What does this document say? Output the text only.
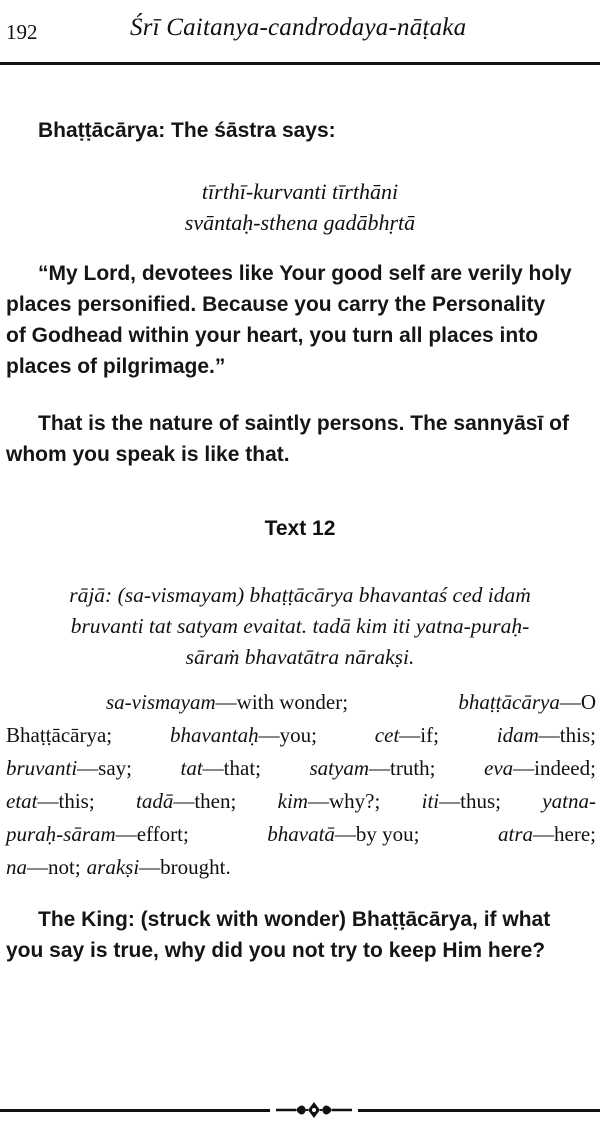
192	Śrī Caitanya-candrodaya-nāṭaka
Bhaṭṭācārya: The śāstra says:
tīrthī-kurvanti tīrthāni
svāntaḥ-sthena gadābhṛtā
“My Lord, devotees like Your good self are verily holy
places personified. Because you carry the Personality
of Godhead within your heart, you turn all places into
places of pilgrimage.”
That is the nature of saintly persons. The sannyāsī of
whom you speak is like that.
Text 12
rājā: (sa-vismayam) bhaṭṭācārya bhavantaś ced idaṁ
bruvanti tat satyam evaitat. tadā kim iti yatna-puraḥ-
sāraṁ bhavatātra nārakṣi.
sa-vismayam—with wonder;	bhaṭṭācārya—O
Bhaṭṭācārya;	bhavantaḥ—you;	cet—if;	idam—this;
bruvanti—say; tat—that; satyam—truth; eva—indeed;
etat—this; tadā—then; kim—why?; iti—thus; yatna-
puraḥ-sāram—effort;	bhavatā—by you;	atra—here;
na—not; arakṣi—brought.
The King: (struck with wonder) Bhaṭṭācārya, if what
you say is true, why did you not try to keep Him here?
